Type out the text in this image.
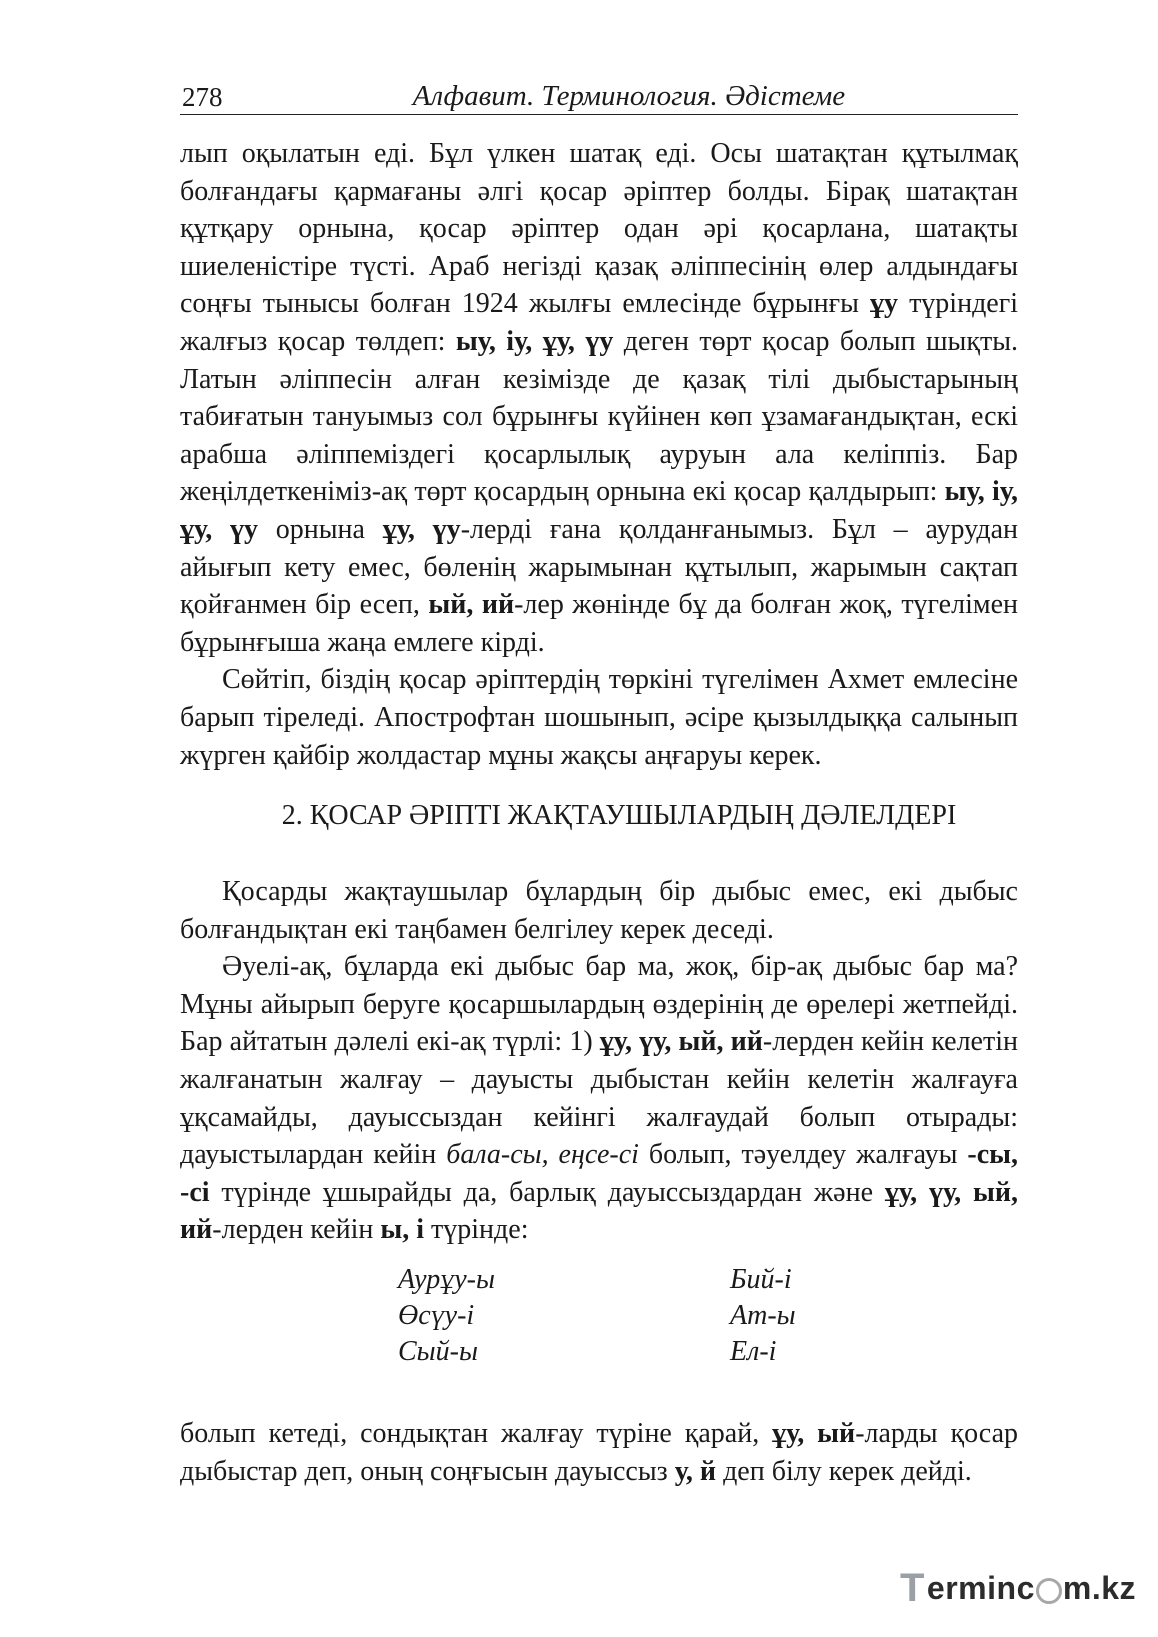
278	Алфавит. Терминология. Әдістеме

лып оқылатын еді. Бұл үлкен шатақ еді. Осы шатақтан құтылмақ болғандағы қармағаны әлгі қосар әріптер болды. Бірақ шатақтан құтқару орнына, қосар әріптер одан әрі қосарлана, шатақты шиеленістіре түсті. Араб негізді қазақ әліппесінің өлер алдындағы соңғы тынысы болған 1924 жылғы емлесінде бұрынғы ұу түріндегі жалғыз қосар төлдеп: ыу, іу, ұу, үу деген төрт қосар болып шықты. Латын әліппесін алған кезімізде де қазақ тілі дыбыстарының табиғатын тануымыз сол бұрынғы күйінен көп ұзамағандықтан, ескі арабша әліппеміздегі қосарлылық ауруын ала келіппіз. Бар жеңілдеткеніміз-ақ төрт қосардың орнына екі қосар қалдырып: ыу, іу, ұу, үу орнына ұу, үу-лерді ғана қолданғанымыз. Бұл – аурудан айығып кету емес, бөленің жарымынан құтылып, жарымын сақтап қойғанмен бір есеп, ый, ий-лер жөнінде бұ да болған жоқ, түгелімен бұрынғыша жаңа емлеге кірді.

Сөйтіп, біздің қосар әріптердің төркіні түгелімен Ахмет емлесіне барып тіреледі. Апострофтан шошынып, әсіре қызылдыққа салынып жүрген қайбір жолдастар мұны жақсы аңғаруы керек.

2. ҚОСАР ӘРІПТІ ЖАҚТАУШЫЛАРДЫҢ ДӘЛЕЛДЕРІ

Қосарды жақтаушылар бұлардың бір дыбыс емес, екі дыбыс болғандықтан екі таңбамен белгілеу керек деседі.

Әуелі-ақ, бұларда екі дыбыс бар ма, жоқ, бір-ақ дыбыс бар ма? Мұны айырып беруге қосаршылардың өздерінің де өрелері жетпейді. Бар айтатын дәлелі екі-ақ түрлі: 1) ұу, үу, ый, ий-лерден кейін келетін жалғанатын жалғау – дауысты дыбыстан кейін келетін жалғауға ұқсамайды, дауыссыздан кейінгі жалғаудай болып отырады: дауыстылардан кейін бала-сы, еңсе-сі болып, тәуелдеу жалғауы -сы, -сі түрінде ұшырайды да, барлық дауыссыздардан және ұу, үу, ый, ий-лерден кейін ы, і түрінде:

Аурұу-ы	Бий-і
Өсүу-і	Ат-ы
Сый-ы	Ел-і

болып кетеді, сондықтан жалғау түріне қарай, ұу, ый-ларды қосар дыбыстар деп, оның соңғысын дауыссыз у, й деп білу керек дейді.

T erminc m.kz
